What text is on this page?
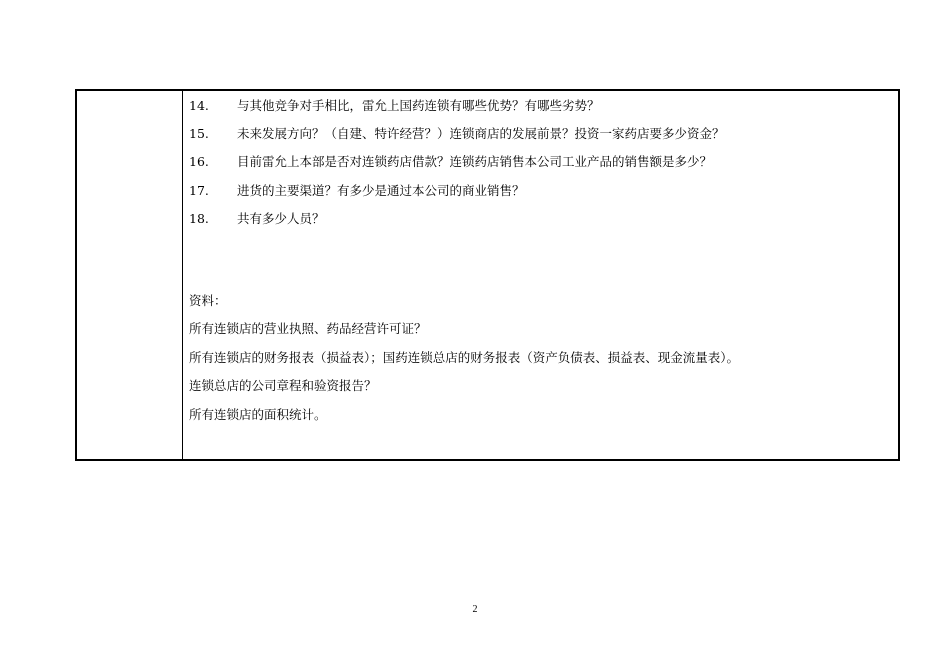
14. 与其他竞争对手相比，雷允上国药连锁有哪些优势？有哪些劣势？
15. 未来发展方向？（自建、特许经营？）连锁商店的发展前景？投资一家药店要多少资金？
16. 目前雷允上本部是否对连锁药店借款？连锁药店销售本公司工业产品的销售额是多少？
17. 进货的主要渠道？有多少是通过本公司的商业销售？
18. 共有多少人员？
资料：
所有连锁店的营业执照、药品经营许可证？
所有连锁店的财务报表（损益表）；国药连锁总店的财务报表（资产负债表、损益表、现金流量表）。
连锁总店的公司章程和验资报告？
所有连锁店的面积统计。
2
